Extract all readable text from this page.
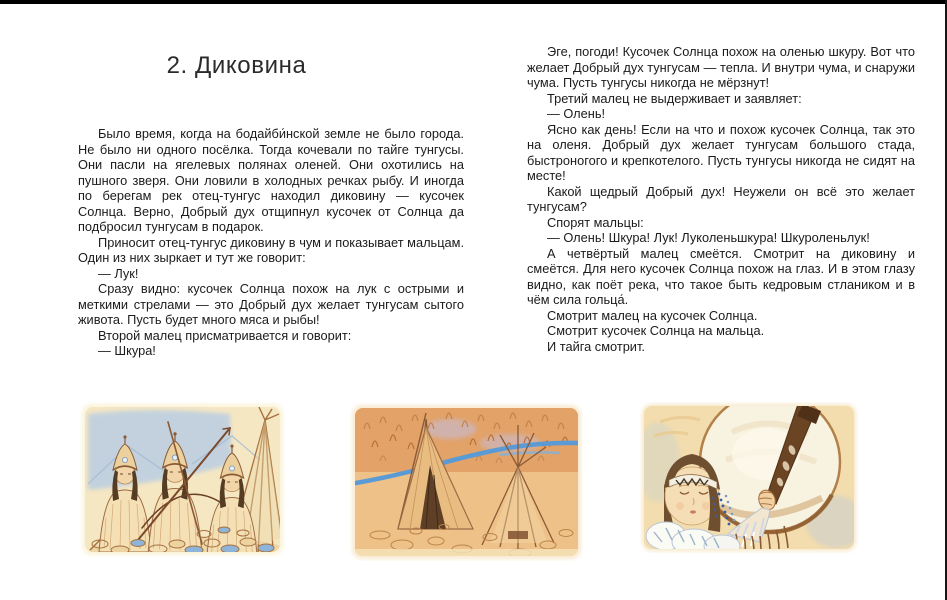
2. Диковина

Было время, когда на бодайби́нской земле не было города. Не было ни одного посёлка. Тогда кочевали по тайге тунгусы. Они пасли на ягелевых полянах оленей. Они охотились на пушного зверя. Они ловили в холодных речках рыбу. И иногда по берегам рек отец-тунгус находил диковину — кусочек Солнца. Верно, Добрый дух отщипнул кусочек от Солнца да подбросил тунгусам в подарок.

Приносит отец-тунгус диковину в чум и показывает мальцам. Один из них зыркает и тут же говорит:

— Лук!

Сразу видно: кусочек Солнца похож на лук с острыми и меткими стрелами — это Добрый дух желает тунгусам сытого живота. Пусть будет много мяса и рыбы!

Второй малец присматривается и говорит:

— Шкура!

Эге, погоди! Кусочек Солнца похож на оленью шкуру. Вот что желает Добрый дух тунгусам — тепла. И внутри чума, и снаружи чума. Пусть тунгусы никогда не мёрзнут!

Третий малец не выдерживает и заявляет:

— Олень!

Ясно как день! Если на что и похож кусочек Солнца, так это на оленя. Добрый дух желает тунгусам большого стада, быстроногого и крепкотелого. Пусть тунгусы никогда не сидят на месте!

Какой щедрый Добрый дух! Неужели он всё это желает тунгусам?

Спорят мальцы:

— Олень! Шкура! Лук! Луколеньшкура! Шкуроленьлук!

А четвёртый малец смеётся. Смотрит на диковину и смеётся. Для него кусочек Солнца похож на глаз. И в этом глазу видно, как поёт река, что такое быть кедровым стлаником и в чём сила гольца́.

Смотрит малец на кусочек Солнца.

Смотрит кусочек Солнца на мальца.

И тайга смотрит.
